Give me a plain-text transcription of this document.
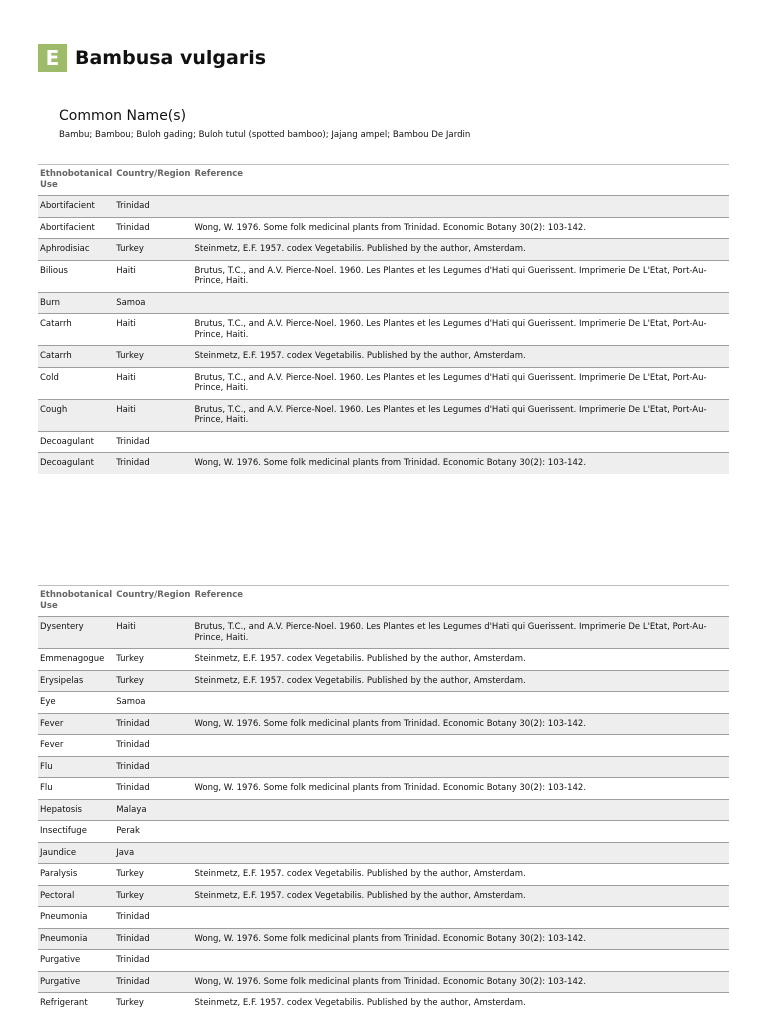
E Bambusa vulgaris
Common Name(s)
Bambu; Bambou; Buloh gading; Buloh tutul (spotted bamboo); Jajang ampel; Bambou De Jardin
Ethnobotanical Use	Country/Region	Reference
Abortifacient	Trinidad	
Abortifacient	Trinidad	Wong, W. 1976. Some folk medicinal plants from Trinidad. Economic Botany 30(2): 103-142.
Aphrodisiac	Turkey	Steinmetz, E.F. 1957. codex Vegetabilis. Published by the author, Amsterdam.
Bilious	Haiti	Brutus, T.C., and A.V. Pierce-Noel. 1960. Les Plantes et les Legumes d'Hati qui Guerissent. Imprimerie De L'Etat, Port-Au-Prince, Haiti.
Burn	Samoa	
Catarrh	Haiti	Brutus, T.C., and A.V. Pierce-Noel. 1960. Les Plantes et les Legumes d'Hati qui Guerissent. Imprimerie De L'Etat, Port-Au-Prince, Haiti.
Catarrh	Turkey	Steinmetz, E.F. 1957. codex Vegetabilis. Published by the author, Amsterdam.
Cold	Haiti	Brutus, T.C., and A.V. Pierce-Noel. 1960. Les Plantes et les Legumes d'Hati qui Guerissent. Imprimerie De L'Etat, Port-Au-Prince, Haiti.
Cough	Haiti	Brutus, T.C., and A.V. Pierce-Noel. 1960. Les Plantes et les Legumes d'Hati qui Guerissent. Imprimerie De L'Etat, Port-Au-Prince, Haiti.
Decoagulant	Trinidad	
Decoagulant	Trinidad	Wong, W. 1976. Some folk medicinal plants from Trinidad. Economic Botany 30(2): 103-142.
Ethnobotanical Use	Country/Region	Reference
Dysentery	Haiti	Brutus, T.C., and A.V. Pierce-Noel. 1960. Les Plantes et les Legumes d'Hati qui Guerissent. Imprimerie De L'Etat, Port-Au-Prince, Haiti.
Emmenagogue	Turkey	Steinmetz, E.F. 1957. codex Vegetabilis. Published by the author, Amsterdam.
Erysipelas	Turkey	Steinmetz, E.F. 1957. codex Vegetabilis. Published by the author, Amsterdam.
Eye	Samoa	
Fever	Trinidad	Wong, W. 1976. Some folk medicinal plants from Trinidad. Economic Botany 30(2): 103-142.
Fever	Trinidad	
Flu	Trinidad	
Flu	Trinidad	Wong, W. 1976. Some folk medicinal plants from Trinidad. Economic Botany 30(2): 103-142.
Hepatosis	Malaya	
Insectifuge	Perak	
Jaundice	Java	
Paralysis	Turkey	Steinmetz, E.F. 1957. codex Vegetabilis. Published by the author, Amsterdam.
Pectoral	Turkey	Steinmetz, E.F. 1957. codex Vegetabilis. Published by the author, Amsterdam.
Pneumonia	Trinidad	
Pneumonia	Trinidad	Wong, W. 1976. Some folk medicinal plants from Trinidad. Economic Botany 30(2): 103-142.
Purgative	Trinidad	
Purgative	Trinidad	Wong, W. 1976. Some folk medicinal plants from Trinidad. Economic Botany 30(2): 103-142.
Refrigerant	Turkey	Steinmetz, E.F. 1957. codex Vegetabilis. Published by the author, Amsterdam.
